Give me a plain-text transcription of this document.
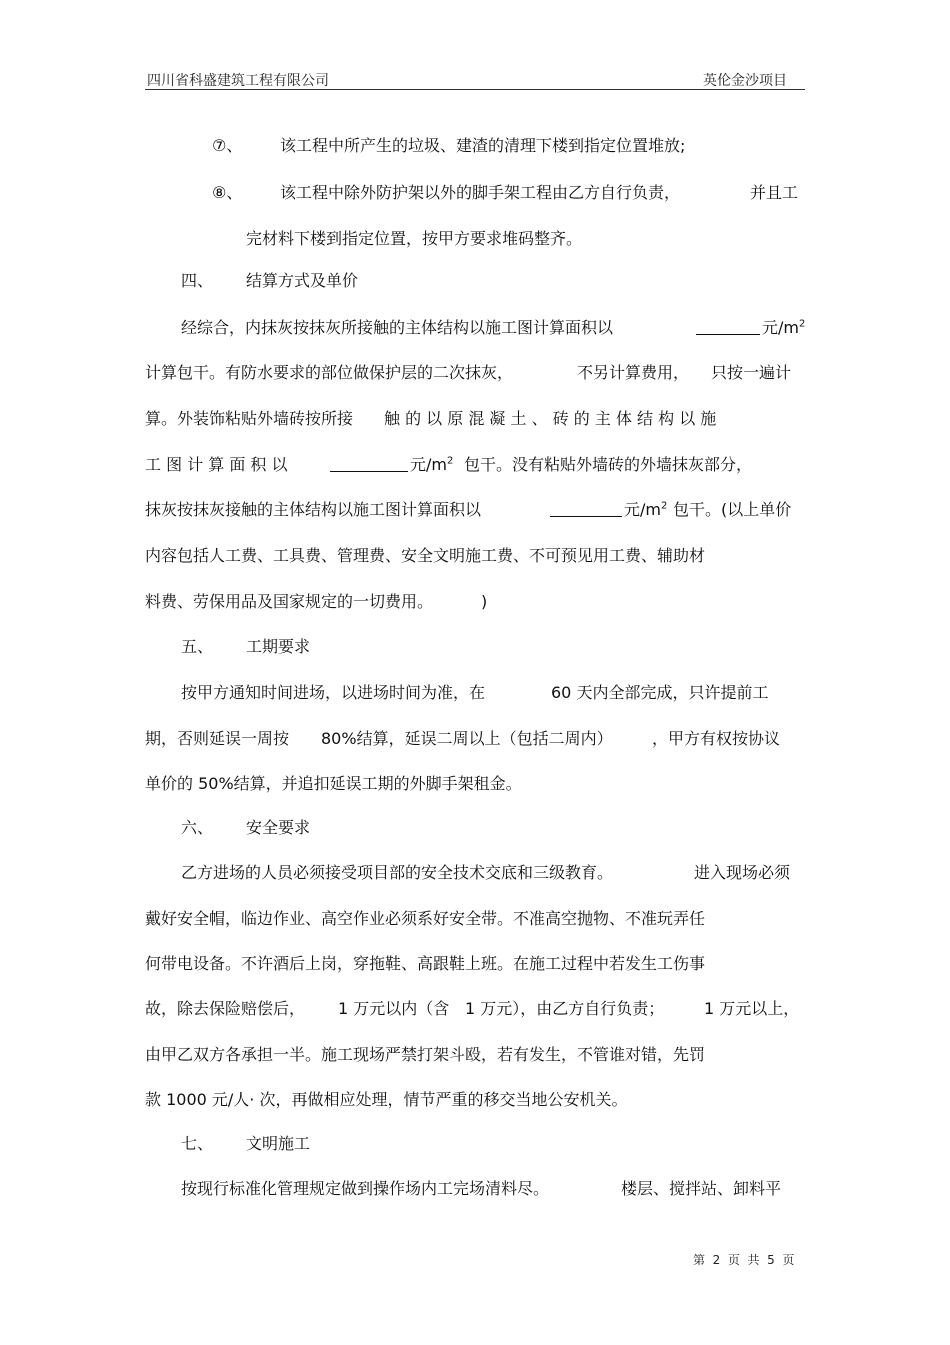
四川省科盛建筑工程有限公司	英伦金沙项目
⑦、 该工程中所产生的垃圾、建渣的清理下楼到指定位置堆放;
⑧、 该工程中除外防护架以外的脚手架工程由乙方自行负责，	并且工
完材料下楼到指定位置，按甲方要求堆码整齐。
四、 结算方式及单价
经综合，内抹灰按抹灰所接触的主体结构以施工图计算面积以	元$/m^2$
计算包干。有防水要求的部位做保护层的二次抹灰，	不另计算费用， 只按一遍计
算。外装饰粘贴外墙砖按所接 触 的 以 原 混 凝 土 、 砖 的 主 体 结 构 以 施
工 图 计 算 面 积 以	元$/m^2$ 包干。没有粘贴外墙砖的外墙抹灰部分，
抹灰按抹灰接触的主体结构以施工图计算面积以	元$/m^2$ 包干。(以上单价
内容包括人工费、工具费、管理费、安全文明施工费、不可预见用工费、辅助材
料费、劳保用品及国家规定的一切费用。	)
五、 工期要求
按甲方通知时间进场，以进场时间为准，在	60 天内全部完成，只许提前工
期，否则延误一周按 80%结算，延误二周以上（包括二周内） ，甲方有权按协议
单价的 50%结算，并追扣延误工期的外脚手架租金。
六、 安全要求
乙方进场的人员必须接受项目部的安全技术交底和三级教育。	进入现场必须
戴好安全帽，临边作业、高空作业必须系好安全带。不准高空抛物、不准玩弄任
何带电设备。不许酒后上岗，穿拖鞋、高跟鞋上班。在施工过程中若发生工伤事
故，除去保险赔偿后， 1 万元以内（含 1 万元），由乙方自行负责； 1 万元以上，
由甲乙双方各承担一半。施工现场严禁打架斗殴，若有发生，不管谁对错，先罚
款 1000 元/人· 次，再做相应处理，情节严重的移交当地公安机关。
七、 文明施工
按现行标准化管理规定做到操作场内工完场清料尽。	楼层、搅拌站、卸料平
第  2  页  共  5  页
